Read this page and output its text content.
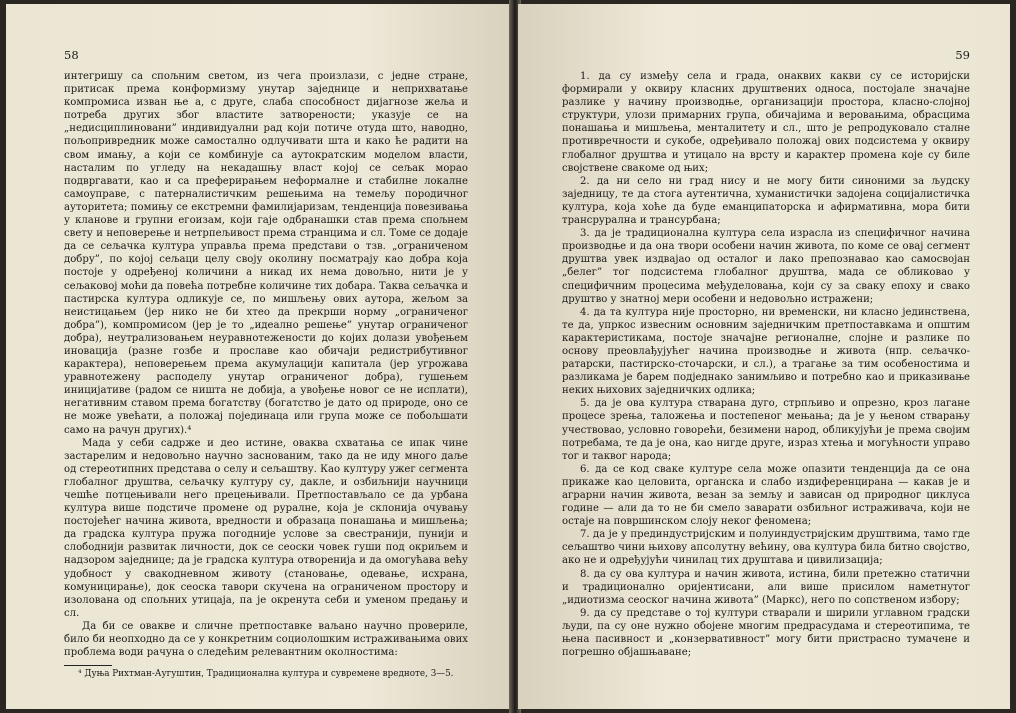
58

интегришу са спољним светом, из чега произлази, с једне стране, притисак према конформизму унутар заједнице и неприхватање компромиса изван ње а, с друге, слаба способност дијагнозе жеља и потреба других због властите затворености; указује се на „недисциплиновани” индивидуални рад који потиче отуда што, наводно, пољопривредник може самостално одлучивати шта и како ће радити на свом имању, а који се комбинује са аутократским моделом власти, насталим по угледу на некадашњу власт којој се сељак морао подвргавати, као и са преферирањем неформалне и стабилне локалне самоуправе, с патерналистичким решењима на темељу породичног ауторитета; помињу се екстремни фамилијаризам, тенденција повезивања у кланове и групни егоизам, који гаје одбранашки став према спољнем свету и неповерење и нетрпељивост према странцима и сл. Томе се додаје да се сељачка култура управља према представи о тзв. „ограниченом добру”, по којој сељаци целу своју околину посматрају као добра која постоје у одређеној количини а никад их нема довољно, нити је у сељаковој моћи да повећа потребне количине тих добара. Таква сељачка и пастирска култура одликује се, по мишљењу ових аутора, жељом за неистицањем (јер нико не би хтео да прекрши норму „ограниченог добра”), компромисом (јер је то „идеално решење” унутар ограниченог добра), неутрализовањем неуравнотежености до којих долази увођењем иновација (разне гозбе и прославе као обичаји редистрибутивног карактера), неповерењем према акумулацији капитала (јер угрожава уравнотежену расподелу унутар ограниченог добра), гушењем иницијативе (радом се ништа не добија, а увођење новог се не исплати), негативним ставом према богатству (богатство је дато од природе, оно се не може увећати, а положај појединаца или група може се побољшати само на рачун других).⁴

Мада у себи садрже и део истине, оваква схватања се ипак чине застарелим и недовољно научно заснованим, тако да не иду много даље од стереотипних представа о селу и сељаштву. Као културу ужег сегмента глобалног друштва, сељачку културу су, дакле, и озбиљнији научници чешће потцењивали него прецењивали. Претпостављало се да урбана култура више подстиче промене од руралне, која је склонија очувању постојећег начина живота, вредности и образаца понашања и мишљења; да градска култура пружа погодније услове за свестранији, пунији и слободнији развитак личности, док се сеоски човек гуши под окриљем и надзором заједнице; да је градска култура отворенија и да омогућава већу удобност у свакодневном животу (становање, одевање, исхрана, комуницирање), док сеоска тавори скучена на ограниченом простору и изолована од спољних утицаја, па је окренута себи и уменом предању и сл.

Да би се овакве и сличне претпоставке ваљано научно провериле, било би неопходно да се у конкретним социолошким истраживањима ових проблема води рачуна о следећим релевантним околностима:

⁴ Дуња Рихтман-Аугуштин, Традиционална култура и сувремене вредноте, 3—5.

59

1. да су између села и града, онаквих какви су се историјски формирали у оквиру класних друштвених односа, постојале значајне разлике у начину производње, организацији простора, класно-слојној структури, улози примарних група, обичајима и веровањима, обрасцима понашања и мишљења, менталитету и сл., што је репродуковало сталне противречности и сукобе, одређивало положај ових подсистема у оквиру глобалног друштва и утицало на врсту и карактер промена које су биле својствене свакоме од њих;

2. да ни село ни град нису и не могу бити синоними за људску заједницу, те да стога аутентична, хуманистички задојена социјалистичка култура, која хоће да буде еманципаторска и афирмативна, мора бити трансрурална и трансурбана;

3. да је традиционална култура села израсла из специфичног начина производње и да она твори особени начин живота, по коме се овај сегмент друштва увек издвајао од осталог и лако препознавао као самосвојан „белег” тог подсистема глобалног друштва, мада се обликовао у специфичним процесима међуделовања, који су за сваку епоху и свако друштво у знатној мери особени и недовољно истражени;

4. да та култура није просторно, ни временски, ни класно јединствена, те да, упркос извесним основним заједничким претпоставкама и општим карактеристикама, постоје значајне регионалне, слојне и разлике по основу преовлађујућег начина производње и живота (нпр. сељачко-ратарски, пастирско-сточарски, и сл.), а трагање за тим особеностима и разликама је барем подједнако занимљиво и потребно као и приказивање неких њихових заједничких одлика;

5. да је ова култура стварана дуго, стрпљиво и опрезно, кроз лагане процесе зрења, таложења и постепеног мењања; да је у њеном стварању учествовао, условно говорећи, безимени народ, обликујући је према својим потребама, те да је она, као нигде друге, израз хтења и могућности управо тог и таквог народа;

6. да се код сваке културе села може опазити тенденција да се она прикаже као целовита, органска и слабо издиференцирана — какав је и аграрни начин живота, везан за земљу и зависан од природног циклуса године — али да то не би смело заварати озбиљног истраживача, који не остаје на површинском слоју неког феномена;

7. да је у прединдустријским и полуиндустријским друштвима, тамо где сељаштво чини њихову апсолутну већину, ова култура била битно својство, ако не и одређујући чинилац тих друштава и цивилизација;

8. да су ова култура и начин живота, истина, били претежно статични и традиционално оријентисани, али више присилом наметнутог „идиотизма сеоског начина живота” (Маркс), него по сопственом избору;

9. да су представе о тој култури стварали и ширили углавном градски људи, па су оне нужно обојене многим предрасудама и стереотипима, те њена пасивност и „конзервативност” могу бити пристрасно тумачене и погрешно објашњаване;
